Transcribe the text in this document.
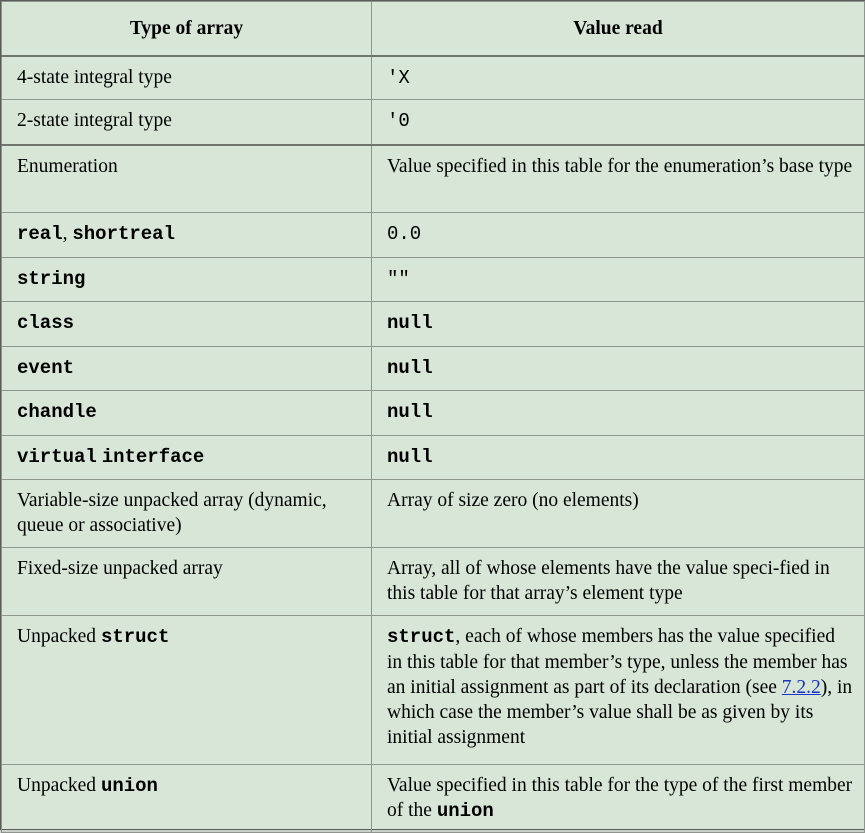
Type of array	Value read
4-state integral type	'X
2-state integral type	'0
Enumeration	Value specified in this table for the enumeration’s base type
real, shortreal	0.0
string	""
class	null
event	null
chandle	null
virtual interface	null
Variable-size unpacked array (dynamic, queue or associative)	Array of size zero (no elements)
Fixed-size unpacked array	Array, all of whose elements have the value speci-fied in this table for that array’s element type
Unpacked struct	struct, each of whose members has the value specified in this table for that member’s type, unless the member has an initial assignment as part of its declaration (see 7.2.2), in which case the member’s value shall be as given by its initial assignment
Unpacked union	Value specified in this table for the type of the first member of the union
